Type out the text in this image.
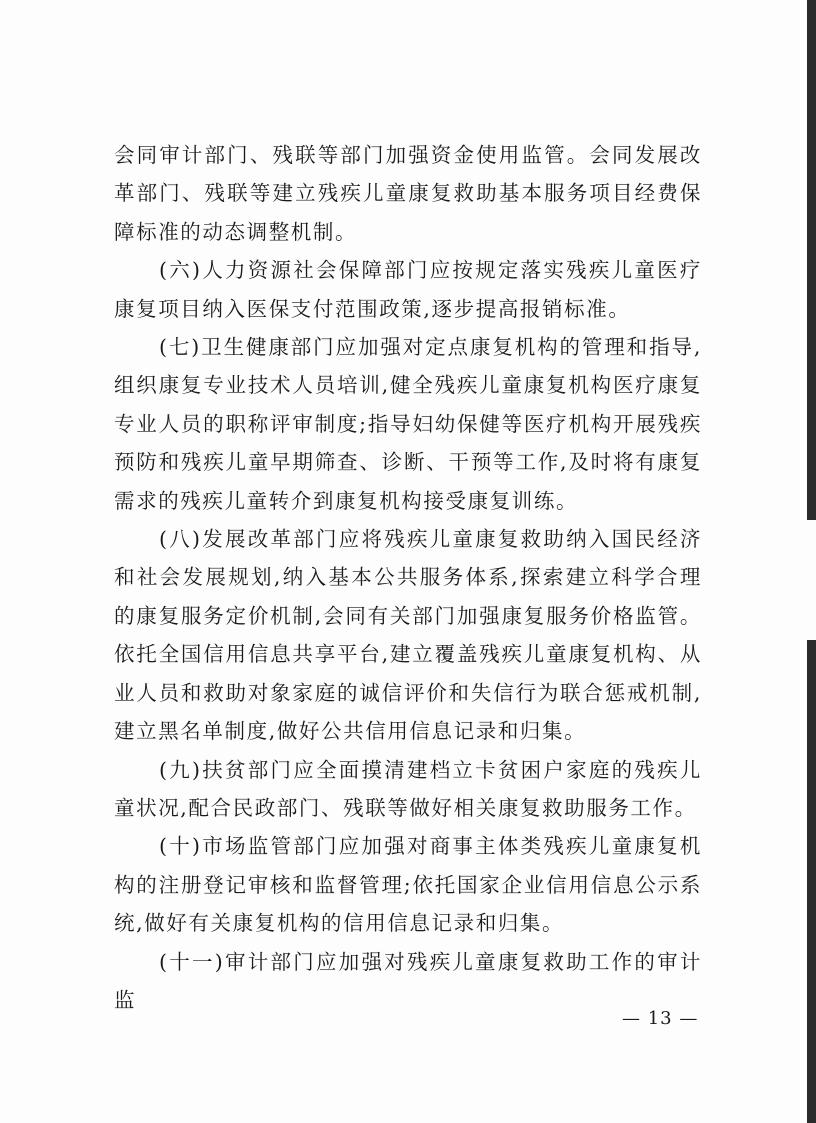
会同审计部门、残联等部门加强资金使用监管。会同发展改革部门、残联等建立残疾儿童康复救助基本服务项目经费保障标准的动态调整机制。

(六)人力资源社会保障部门应按规定落实残疾儿童医疗康复项目纳入医保支付范围政策,逐步提高报销标准。

(七)卫生健康部门应加强对定点康复机构的管理和指导,组织康复专业技术人员培训,健全残疾儿童康复机构医疗康复专业人员的职称评审制度;指导妇幼保健等医疗机构开展残疾预防和残疾儿童早期筛查、诊断、干预等工作,及时将有康复需求的残疾儿童转介到康复机构接受康复训练。

(八)发展改革部门应将残疾儿童康复救助纳入国民经济和社会发展规划,纳入基本公共服务体系,探索建立科学合理的康复服务定价机制,会同有关部门加强康复服务价格监管。依托全国信用信息共享平台,建立覆盖残疾儿童康复机构、从业人员和救助对象家庭的诚信评价和失信行为联合惩戒机制,建立黑名单制度,做好公共信用信息记录和归集。

(九)扶贫部门应全面摸清建档立卡贫困户家庭的残疾儿童状况,配合民政部门、残联等做好相关康复救助服务工作。

(十)市场监管部门应加强对商事主体类残疾儿童康复机构的注册登记审核和监督管理;依托国家企业信用信息公示系统,做好有关康复机构的信用信息记录和归集。

(十一)审计部门应加强对残疾儿童康复救助工作的审计监

— 13 —
